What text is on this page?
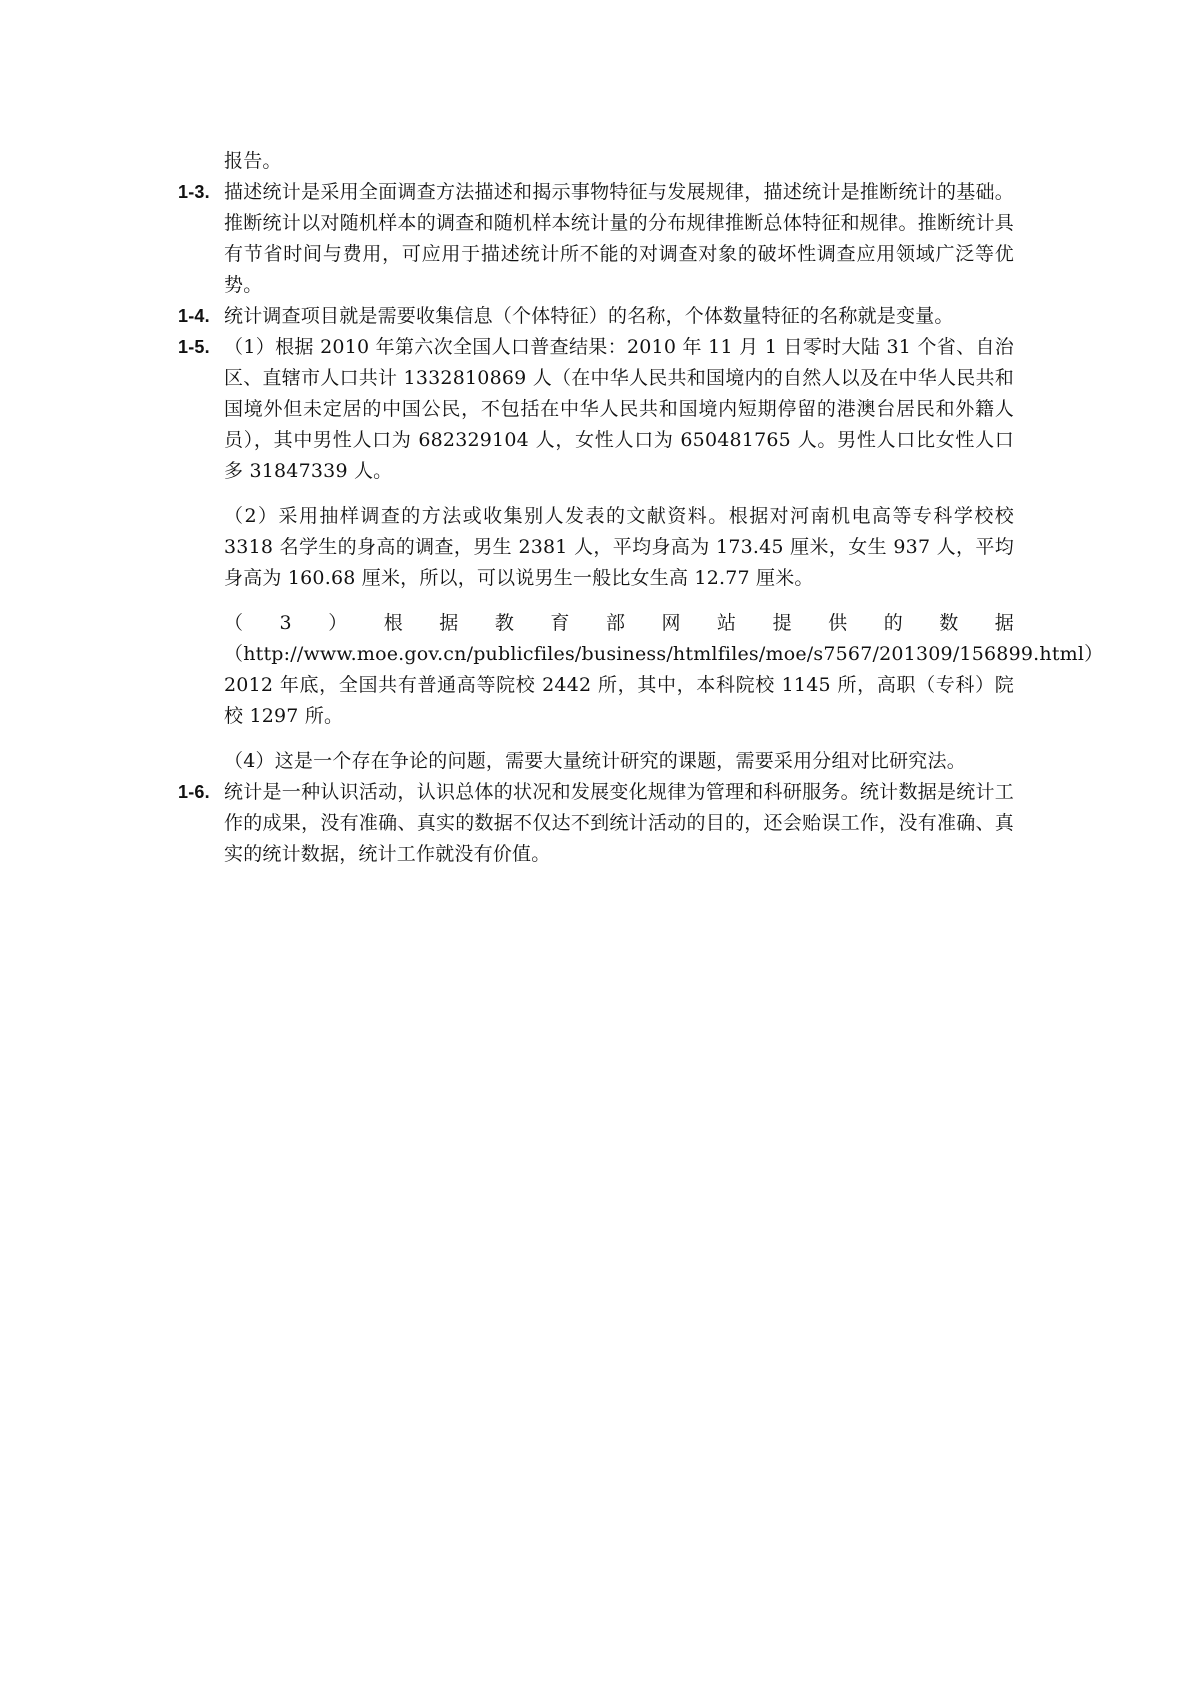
报告。

1-3. 描述统计是采用全面调查方法描述和揭示事物特征与发展规律，描述统计是推断统计的基础。推断统计以对随机样本的调查和随机样本统计量的分布规律推断总体特征和规律。推断统计具有节省时间与费用，可应用于描述统计所不能的对调查对象的破坏性调查应用领域广泛等优势。
1-4. 统计调查项目就是需要收集信息（个体特征）的名称，个体数量特征的名称就是变量。
1-5. （1）根据 2010 年第六次全国人口普查结果：2010 年 11 月 1 日零时大陆 31 个省、自治区、直辖市人口共计 1332810869 人（在中华人民共和国境内的自然人以及在中华人民共和国境外但未定居的中国公民，不包括在中华人民共和国境内短期停留的港澳台居民和外籍人员），其中男性人口为 682329104 人，女性人口为 650481765 人。男性人口比女性人口多 31847339 人。
（2）采用抽样调查的方法或收集别人发表的文献资料。根据对河南机电高等专科学校校 3318 名学生的身高的调查，男生 2381 人，平均身高为 173.45 厘米，女生 937 人，平均身高为 160.68 厘米，所以，可以说男生一般比女生高 12.77 厘米。
（3）根据教育部网站提供的数据（http://www.moe.gov.cn/publicfiles/business/htmlfiles/moe/s7567/201309/156899.html）2012 年底，全国共有普通高等院校 2442 所，其中，本科院校 1145 所，高职（专科）院校 1297 所。
（4）这是一个存在争论的问题，需要大量统计研究的课题，需要采用分组对比研究法。
1-6. 统计是一种认识活动，认识总体的状况和发展变化规律为管理和科研服务。统计数据是统计工作的成果，没有准确、真实的数据不仅达不到统计活动的目的，还会贻误工作，没有准确、真实的统计数据，统计工作就没有价值。
